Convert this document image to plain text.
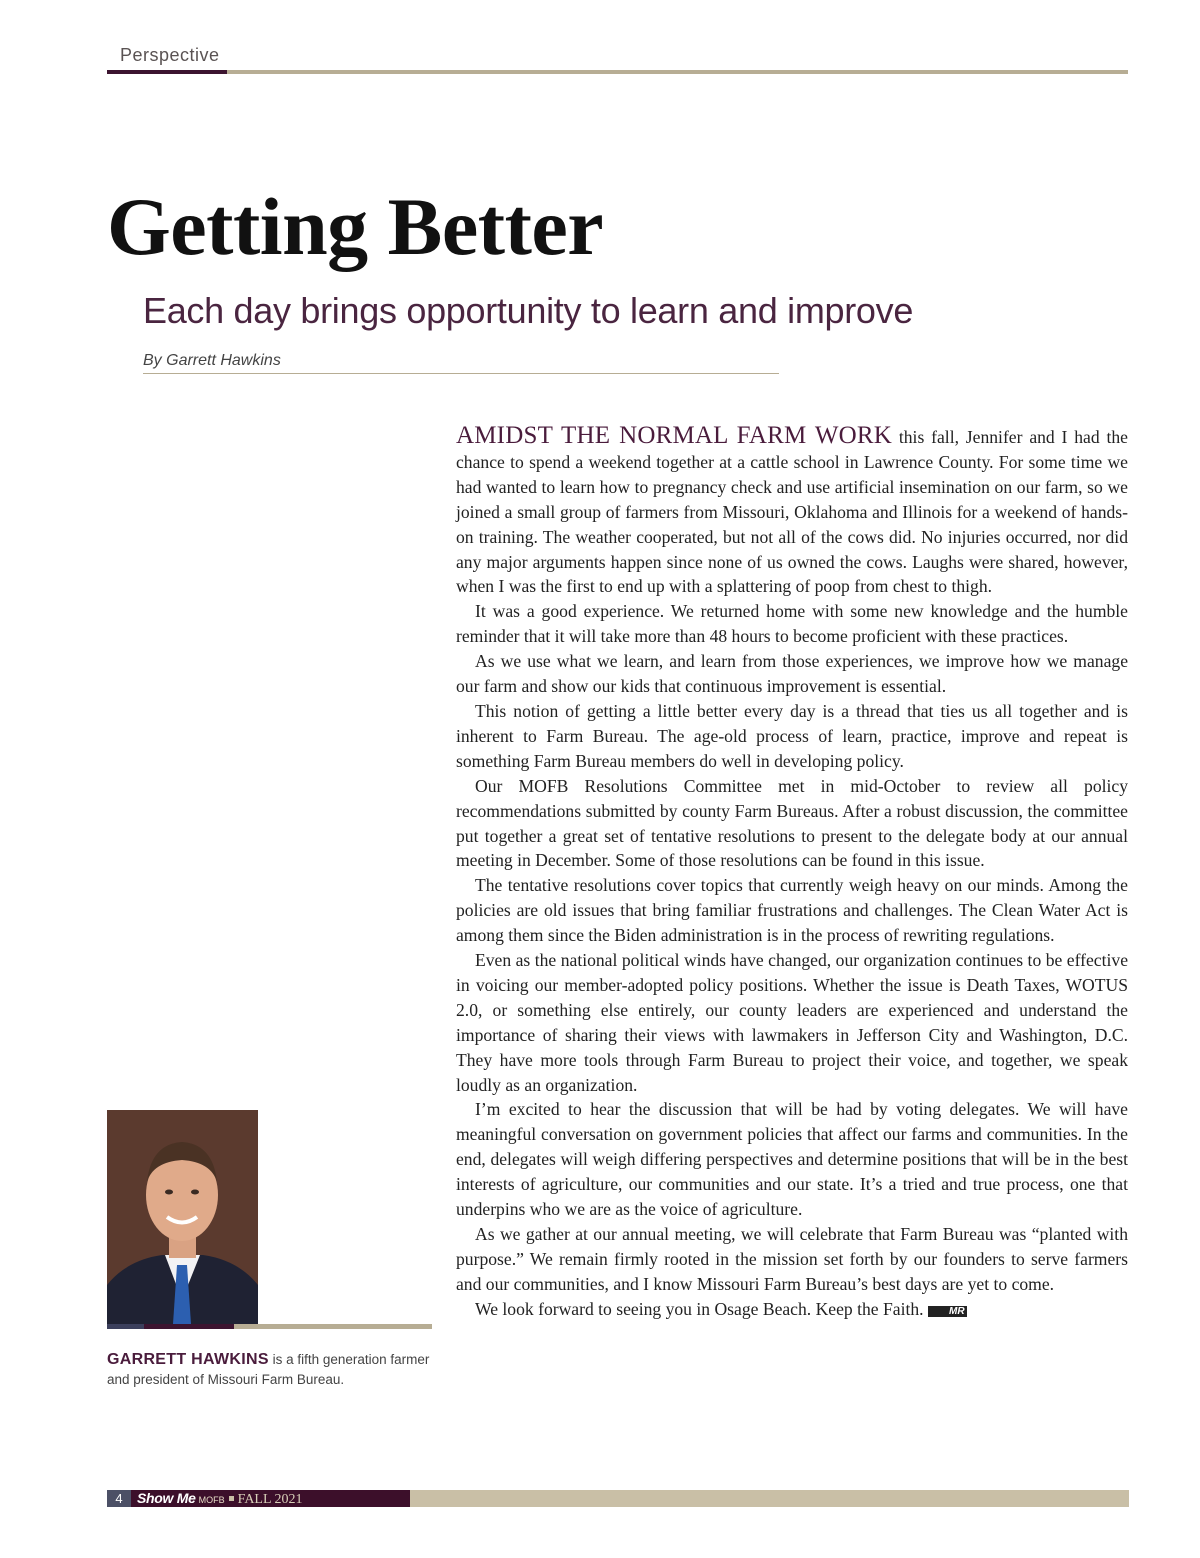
Perspective
Getting Better
Each day brings opportunity to learn and improve
By Garrett Hawkins

AMIDST THE NORMAL FARM WORK this fall, Jennifer and I had the chance to spend a weekend together at a cattle school in Lawrence County. For some time we had wanted to learn how to pregnancy check and use artificial insemination on our farm, so we joined a small group of farmers from Missouri, Oklahoma and Illinois for a weekend of hands-on training. The weather cooperated, but not all of the cows did. No injuries occurred, nor did any major arguments happen since none of us owned the cows. Laughs were shared, however, when I was the first to end up with a splattering of poop from chest to thigh.

It was a good experience. We returned home with some new knowledge and the humble reminder that it will take more than 48 hours to become proficient with these practices.

As we use what we learn, and learn from those experiences, we improve how we manage our farm and show our kids that continuous improvement is essential.

This notion of getting a little better every day is a thread that ties us all together and is inherent to Farm Bureau. The age-old process of learn, practice, improve and repeat is something Farm Bureau members do well in developing policy.

Our MOFB Resolutions Committee met in mid-October to review all policy recommendations submitted by county Farm Bureaus. After a robust discussion, the committee put together a great set of tentative resolutions to present to the delegate body at our annual meeting in December. Some of those resolutions can be found in this issue.

The tentative resolutions cover topics that currently weigh heavy on our minds. Among the policies are old issues that bring familiar frustrations and challenges. The Clean Water Act is among them since the Biden administration is in the process of rewriting regulations.

Even as the national political winds have changed, our organization continues to be effective in voicing our member-adopted policy positions. Whether the issue is Death Taxes, WOTUS 2.0, or something else entirely, our county leaders are experienced and understand the importance of sharing their views with lawmakers in Jefferson City and Washington, D.C. They have more tools through Farm Bureau to project their voice, and together, we speak loudly as an organization.

I’m excited to hear the discussion that will be had by voting delegates. We will have meaningful conversation on government policies that affect our farms and communities. In the end, delegates will weigh differing perspectives and determine positions that will be in the best interests of agriculture, our communities and our state. It’s a tried and true process, one that underpins who we are as the voice of agriculture.

As we gather at our annual meeting, we will celebrate that Farm Bureau was “planted with purpose.” We remain firmly rooted in the mission set forth by our founders to serve farmers and our communities, and I know Missouri Farm Bureau’s best days are yet to come.

We look forward to seeing you in Osage Beach. Keep the Faith.	MR

GARRETT HAWKINS is a fifth generation farmer and president of Missouri Farm Bureau.
4	Show Me MOFB FALL 2021
